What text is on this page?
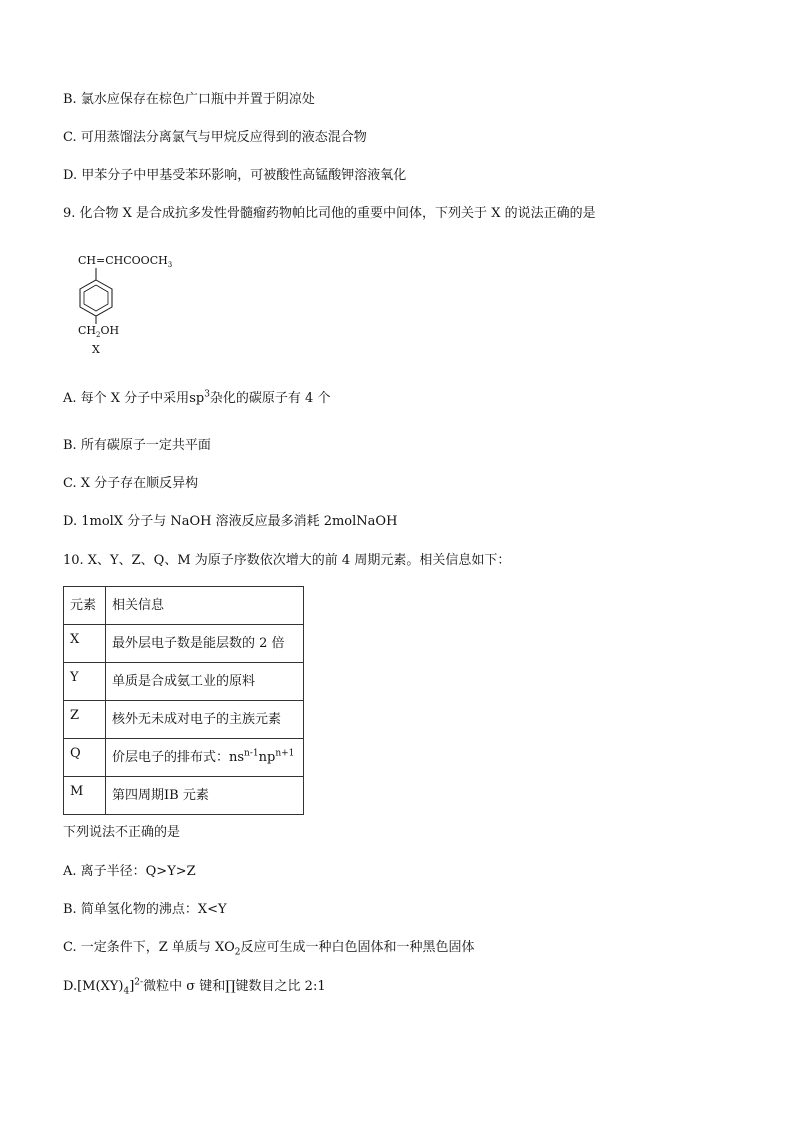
B. 氯水应保存在棕色广口瓶中并置于阴凉处
C. 可用蒸馏法分离氯气与甲烷反应得到的液态混合物
D. 甲苯分子中甲基受苯环影响，可被酸性高锰酸钾溶液氧化
9. 化合物 X 是合成抗多发性骨髓瘤药物帕比司他的重要中间体，下列关于 X 的说法正确的是
$CH=CHCOOCH_3$
$CH_2OH$
X
A. 每个 X 分子中采用$sp^3$杂化的碳原子有 4 个
B. 所有碳原子一定共平面
C. X 分子存在顺反异构
D. 1molX 分子与 NaOH 溶液反应最多消耗 2molNaOH
10. X、Y、Z、Q、M 为原子序数依次增大的前 4 周期元素。相关信息如下：
元素	相关信息
X	最外层电子数是能层数的 2 倍
Y	单质是合成氨工业的原料
Z	核外无未成对电子的主族元素
Q	价层电子的排布式：$ns^{n-1}np^{n+1}$
M	第四周期ⅠB 元素
下列说法不正确的是
A. 离子半径：Q>Y>Z
B. 简单氢化物的沸点：X<Y
C. 一定条件下，Z 单质与 $XO_2$反应可生成一种白色固体和一种黑色固体
$D.[M(XY)_4]^{2-}$微粒中 σ 键和∏键数目之比 2:1
